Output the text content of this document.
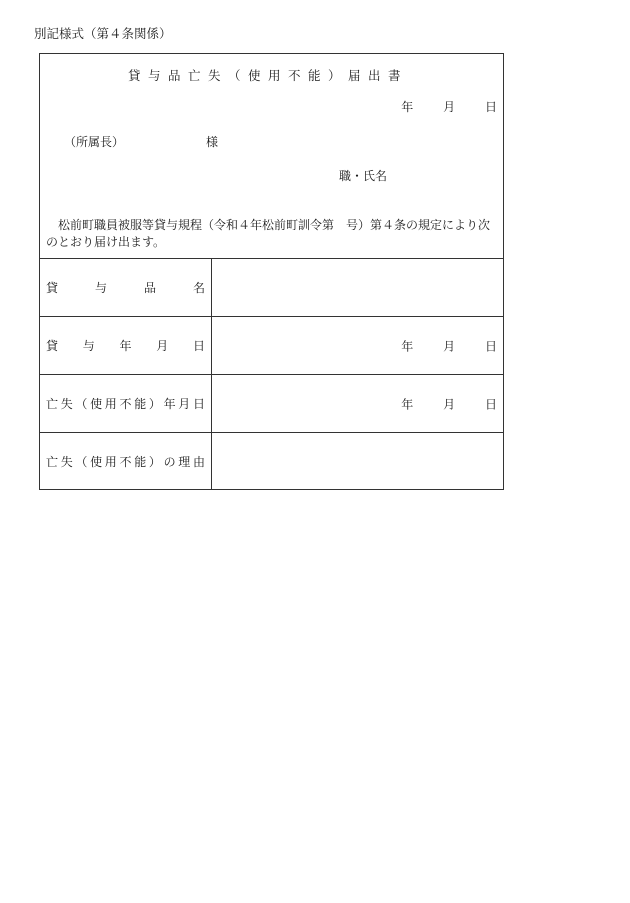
別記様式（第４条関係）
貸与品亡失（使用不能）届出書
年 月 日
（所属長）	様
職・氏名
松前町職員被服等貸与規程（令和４年松前町訓令第　号）第４条の規定により次のとおり届け出ます。
貸与品名
貸与年月日	年 月 日
亡失（使用不能）年月日	年 月 日
亡失（使用不能）の理由
